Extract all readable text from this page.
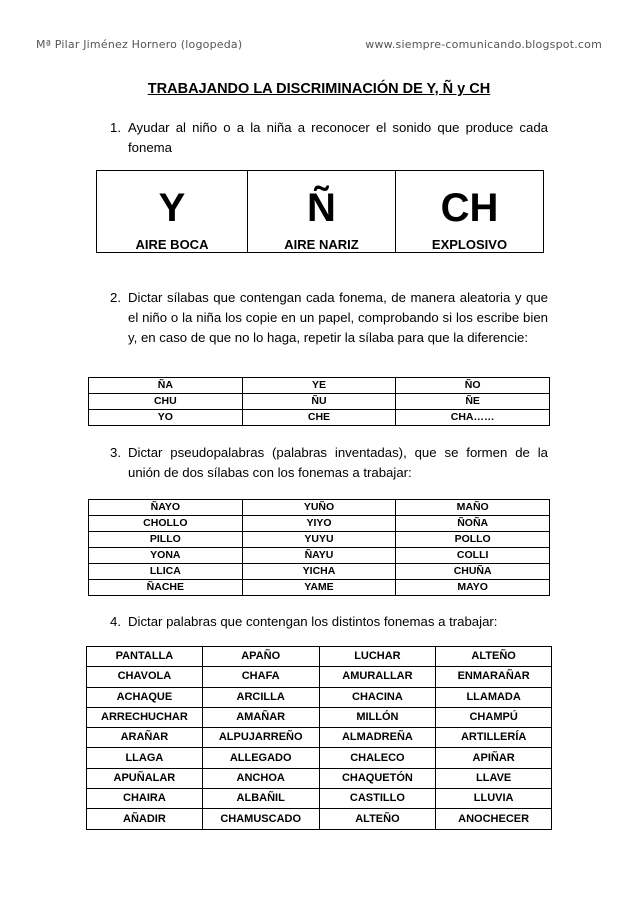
Mª Pilar Jiménez Hornero (logopeda)	www.siempre-comunicando.blogspot.com
TRABAJANDO LA DISCRIMINACIÓN DE Y, Ñ y CH
1. Ayudar al niño o a la niña a reconocer el sonido que produce cada fonema
Y
AIRE BOCA
Ñ
AIRE NARIZ
CH
EXPLOSIVO
2. Dictar sílabas que contengan cada fonema, de manera aleatoria y que el niño o la niña los copie en un papel, comprobando si los escribe bien y, en caso de que no lo haga, repetir la sílaba para que la diferencie:
ÑA	YE	ÑO
CHU	ÑU	ÑE
YO	CHE	CHA……
3. Dictar pseudopalabras (palabras inventadas), que se formen de la unión de dos sílabas con los fonemas a trabajar:
ÑAYO	YUÑO	MAÑO
CHOLLO	YIYO	ÑOÑA
PILLO	YUYU	POLLO
YONA	ÑAYU	COLLI
LLICA	YICHA	CHUÑA
ÑACHE	YAME	MAYO
4. Dictar palabras que contengan los distintos fonemas a trabajar:
PANTALLA	APAÑO	LUCHAR	ALTEÑO
CHAVOLA	CHAFA	AMURALLAR	ENMARAÑAR
ACHAQUE	ARCILLA	CHACINA	LLAMADA
ARRECHUCHAR	AMAÑAR	MILLÓN	CHAMPÚ
ARAÑAR	ALPUJARREÑO	ALMADREÑA	ARTILLERÍA
LLAGA	ALLEGADO	CHALECO	APIÑAR
APUÑALAR	ANCHOA	CHAQUETÓN	LLAVE
CHAIRA	ALBAÑIL	CASTILLO	LLUVIA
AÑADIR	CHAMUSCADO	ALTEÑO	ANOCHECER
